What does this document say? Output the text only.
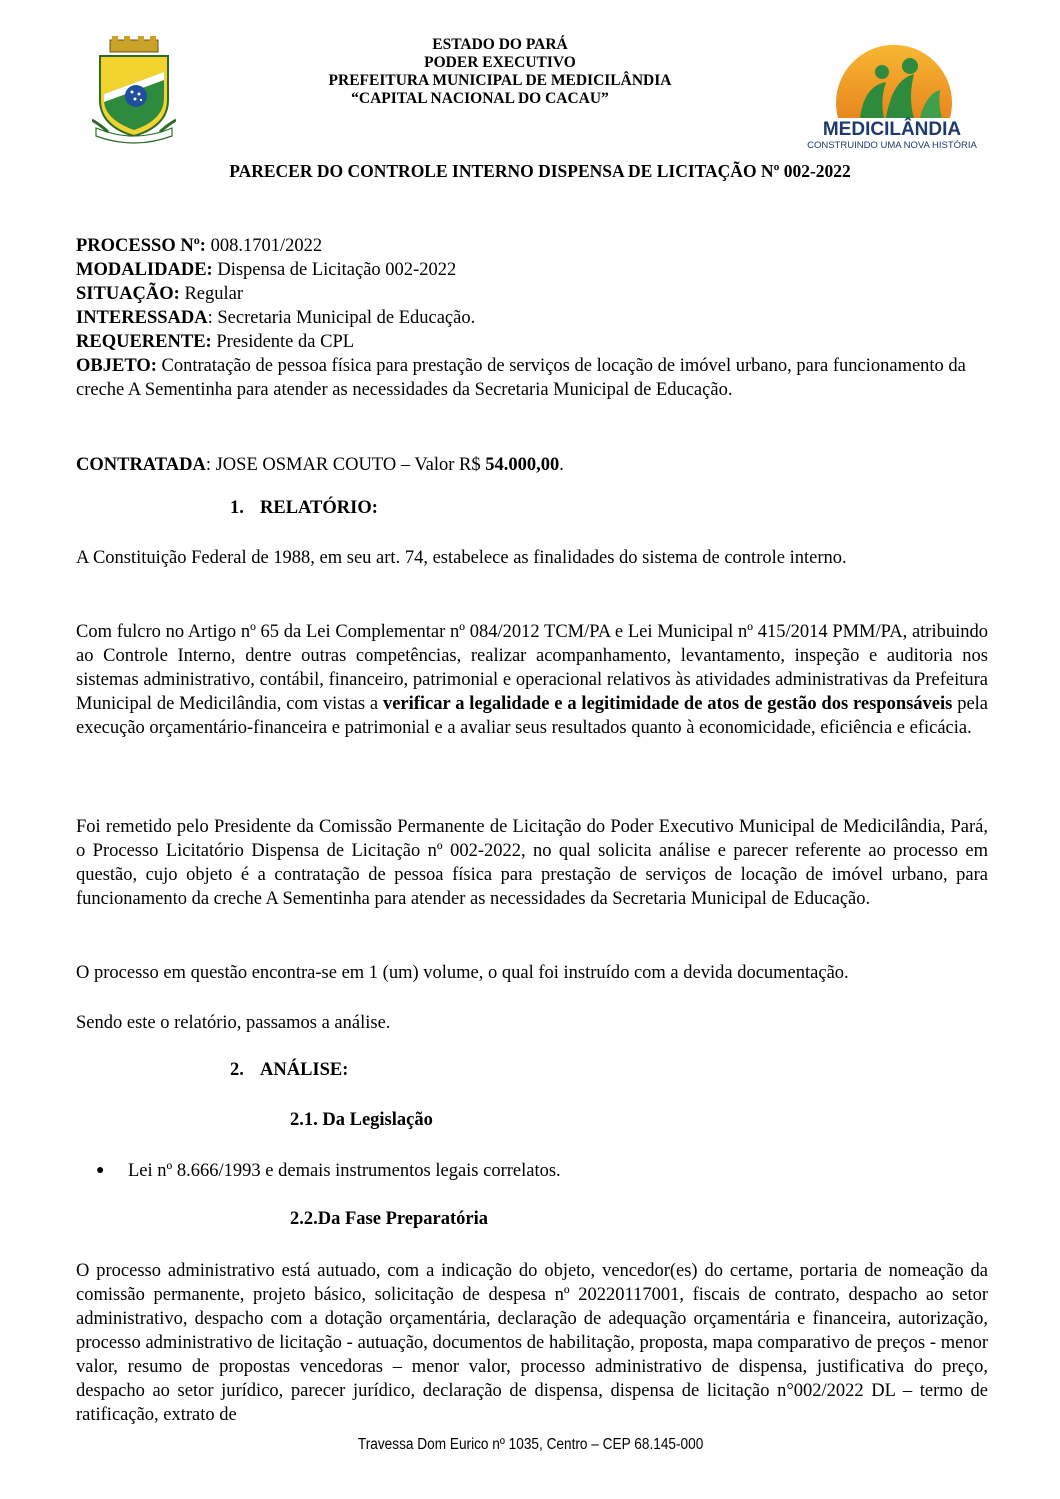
ESTADO DO PARÁ
PODER EXECUTIVO
PREFEITURA MUNICIPAL DE MEDICILÂNDIA
“CAPITAL NACIONAL DO CACAU”
MEDICILÂNDIA
CONSTRUINDO UMA NOVA HISTÓRIA
PARECER DO CONTROLE INTERNO DISPENSA DE LICITAÇÃO Nº 002-2022

PROCESSO Nº: 008.1701/2022

MODALIDADE: Dispensa de Licitação 002-2022

SITUAÇÃO: Regular

INTERESSADA: Secretaria Municipal de Educação.

REQUERENTE: Presidente da CPL

OBJETO: Contratação de pessoa física para prestação de serviços de locação de imóvel urbano, para funcionamento da creche A Sementinha para atender as necessidades da Secretaria Municipal de Educação.

CONTRATADA: JOSE OSMAR COUTO – Valor R$ 54.000,00.
1. RELATÓRIO:

A Constituição Federal de 1988, em seu art. 74, estabelece as finalidades do sistema de controle interno.

Com fulcro no Artigo nº 65 da Lei Complementar nº 084/2012 TCM/PA e Lei Municipal nº 415/2014 PMM/PA, atribuindo ao Controle Interno, dentre outras competências, realizar acompanhamento, levantamento, inspeção e auditoria nos sistemas administrativo, contábil, financeiro, patrimonial e operacional relativos às atividades administrativas da Prefeitura Municipal de Medicilândia, com vistas a verificar a legalidade e a legitimidade de atos de gestão dos responsáveis pela execução orçamentário-financeira e patrimonial e a avaliar seus resultados quanto à economicidade, eficiência e eficácia.

Foi remetido pelo Presidente da Comissão Permanente de Licitação do Poder Executivo Municipal de Medicilândia, Pará, o Processo Licitatório Dispensa de Licitação nº 002-2022, no qual solicita análise e parecer referente ao processo em questão, cujo objeto é a contratação de pessoa física para prestação de serviços de locação de imóvel urbano, para funcionamento da creche A Sementinha para atender as necessidades da Secretaria Municipal de Educação.

O processo em questão encontra-se em 1 (um) volume, o qual foi instruído com a devida documentação.

Sendo este o relatório, passamos a análise.

2. ANÁLISE:
2.1. Da Legislação
● Lei nº 8.666/1993 e demais instrumentos legais correlatos.
2.2.Da Fase Preparatória

O processo administrativo está autuado, com a indicação do objeto, vencedor(es) do certame, portaria de nomeação da comissão permanente, projeto básico, solicitação de despesa nº 20220117001, fiscais de contrato, despacho ao setor administrativo, despacho com a dotação orçamentária, declaração de adequação orçamentária e financeira, autorização, processo administrativo de licitação - autuação, documentos de habilitação, proposta, mapa comparativo de preços - menor valor, resumo de propostas vencedoras – menor valor, processo administrativo de dispensa, justificativa do preço, despacho ao setor jurídico, parecer jurídico, declaração de dispensa, dispensa de licitação n°002/2022 DL – termo de ratificação, extrato de

Travessa Dom Eurico nº 1035, Centro – CEP 68.145-000
